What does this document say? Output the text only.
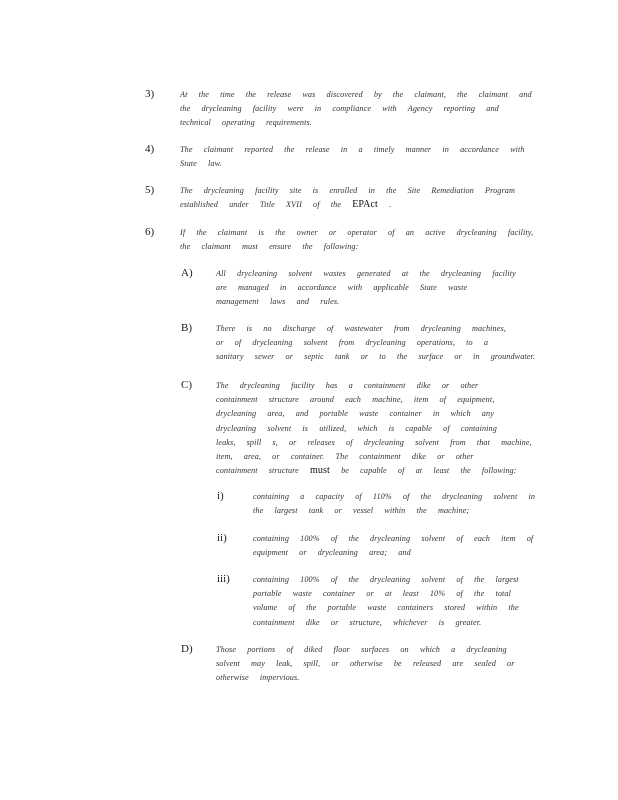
3)	At the time the release was discovered by the claimant, the claimant and
the drycleaning facility were in compliance with Agency reporting and
technical operating requirements.
4)	The claimant reported the release in a timely manner in accordance with
State law.
5)	The drycleaning facility site is enrolled in the Site Remediation Program
established under Title XVII of the EPAct .
6)	If the claimant is the owner or operator of an active drycleaning facility,
the claimant must ensure the following:
A)	All drycleaning solvent wastes generated at the drycleaning facility
are managed in accordance with applicable State waste
management laws and rules.
B)	There is no discharge of wastewater from drycleaning machines,
or of drycleaning solvent from drycleaning operations, to a
sanitary sewer or septic tank or to the surface or in groundwater.
C)	The drycleaning facility has a containment dike or other
containment structure around each machine, item of equipment,
drycleaning area, and portable waste container in which any
drycleaning solvent is utilized, which is capable of containing
leaks, spill s, or releases of drycleaning solvent from that machine,
item, area, or container. The containment dike or other
containment structure must be capable of at least the following:
i)	containing a capacity of 110% of the drycleaning solvent in
the largest tank or vessel within the machine;
ii)	containing 100% of the drycleaning solvent of each item of
equipment or drycleaning area; and
iii)	containing 100% of the drycleaning solvent of the largest
portable waste container or at least 10% of the total
volume of the portable waste containers stored within the
containment dike or structure, whichever is greater.
D)	Those portions of diked floor surfaces on which a drycleaning
solvent may leak, spill, or otherwise be released are sealed or
otherwise impervious.
